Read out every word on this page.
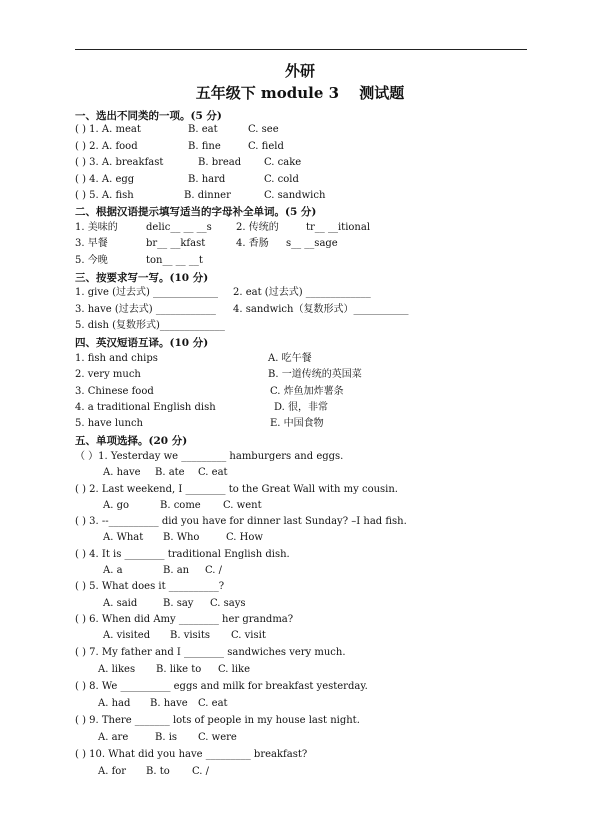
外研
五年级下 module 3　 测试题
一、选出不同类的一项。(5 分)
( ) 1. A. meat	B. eat	C. see
( ) 2. A. food	B. fine	C. field
( ) 3. A. breakfast	B. bread C. cake
( ) 4. A. egg	B. hard	C. cold
( ) 5. A. fish	B. dinner	C. sandwich
二、根据汉语提示填写适当的字母补全单词。(5 分)
1. 美味的	delic__ __ __s 2. 传统的	tr__ __itional
3. 早餐	br__ __kfast	4. 香肠 s__ __sage
5. 今晚	ton__ __ __t
三、按要求写一写。(10 分)
1. give (过去式) _____________ 2. eat (过去式) _____________
3. have (过去式) ____________ 4. sandwich（复数形式）___________
5. dish (复数形式)_____________
四、英汉短语互译。(10 分)
1. fish and chips	A. 吃午餐
2. very much	B. 一道传统的英国菜
3. Chinese food	C. 炸鱼加炸薯条
4. a traditional English dish	D. 很，非常
5. have lunch	E. 中国食物
五、单项选择。(20 分)
（ ）1. Yesterday we _________ hamburgers and eggs.
A. have B. ate C. eat
( ) 2. Last weekend, I ________ to the Great Wall with my cousin.
A. go	B. come C. went
( ) 3. --__________ did you have for dinner last Sunday? –I had fish.
A. What B. Who	C. How
( ) 4. It is ________ traditional English dish.
A. a	B. an C. /
( ) 5. What does it __________?
A. said	B. say C. says
( ) 6. When did Amy ________ her grandma?
A. visited B. visits C. visit
( ) 7. My father and I ________ sandwiches very much.
A. likes B. like to C. like
( ) 8. We __________ eggs and milk for breakfast yesterday.
A. had B. have C. eat
( ) 9. There _______ lots of people in my house last night.
A. are	B. is C. were
( ) 10. What did you have _________ breakfast?
A. for B. to C. /
